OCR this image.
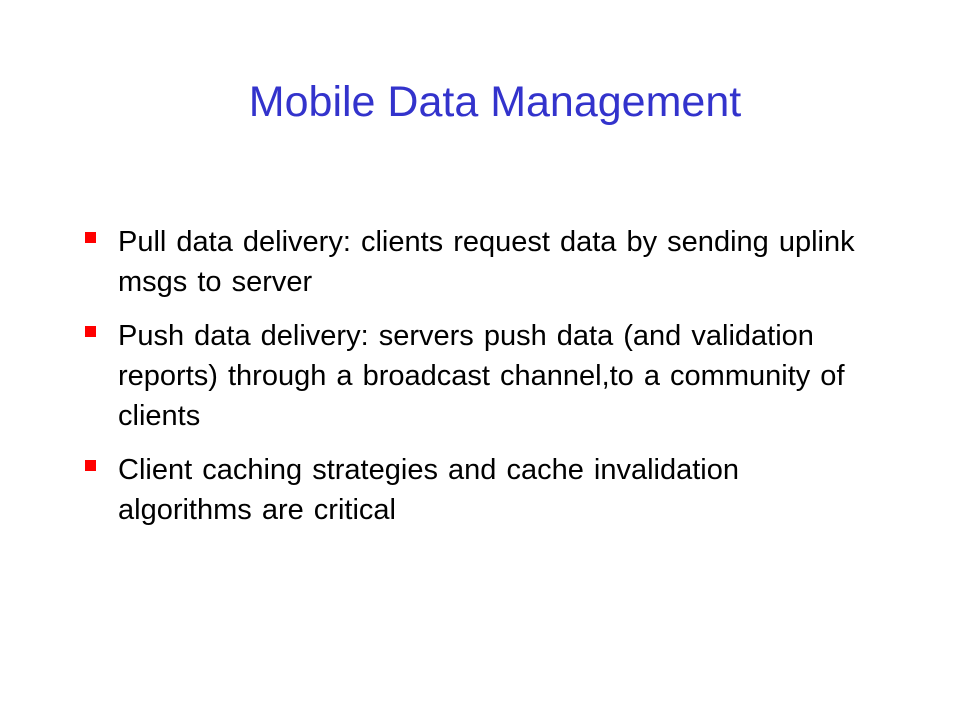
Mobile Data Management
Pull data delivery: clients request data by sending uplink msgs to server
Push data delivery: servers push data (and validation reports) through a broadcast channel,to a community of clients
Client caching strategies and cache invalidation algorithms are critical
